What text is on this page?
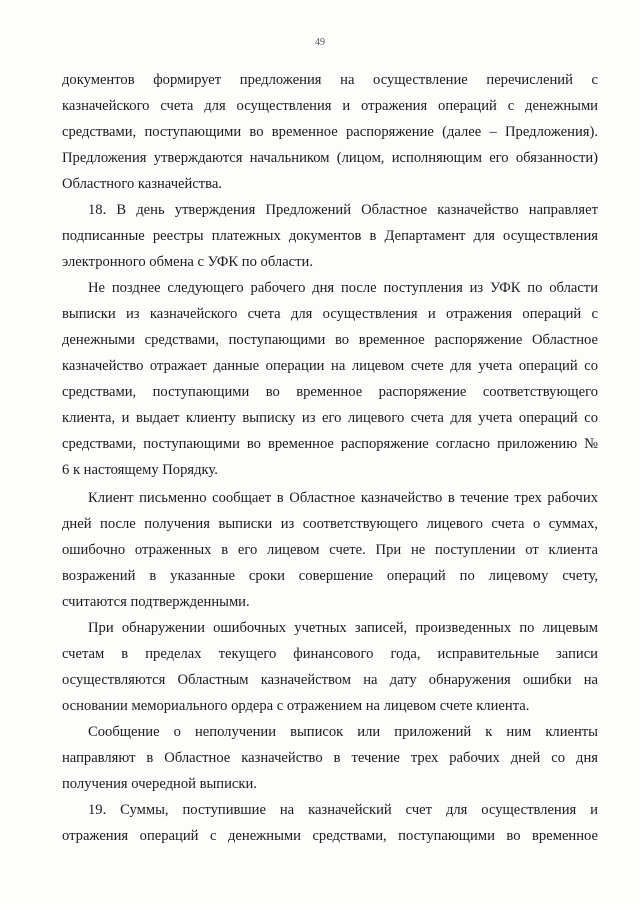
49
документов формирует предложения на осуществление перечислений с
казначейского счета для осуществления и отражения операций с денежными
средствами, поступающими во временное распоряжение (далее – Предложения).
Предложения утверждаются начальником (лицом, исполняющим его обязанности)
Областного казначейства.
18. В день утверждения Предложений Областное казначейство направляет
подписанные реестры платежных документов в Департамент для осуществления
электронного обмена с УФК по области.
Не позднее следующего рабочего дня после поступления из УФК по области
выписки из казначейского счета для осуществления и отражения операций с
денежными средствами, поступающими во временное распоряжение Областное
казначейство отражает данные операции на лицевом счете для учета операций со
средствами, поступающими во временное распоряжение соответствующего
клиента, и выдает клиенту выписку из его лицевого счета для учета операций со
средствами, поступающими во временное распоряжение согласно приложению №
6 к настоящему Порядку.
Клиент письменно сообщает в Областное казначейство в течение трех рабочих
дней после получения выписки из соответствующего лицевого счета о суммах,
ошибочно отраженных в его лицевом счете. При не поступлении от клиента
возражений в указанные сроки совершение операций по лицевому счету,
считаются подтвержденными.
При обнаружении ошибочных учетных записей, произведенных по лицевым
счетам в пределах текущего финансового года, исправительные записи
осуществляются Областным казначейством на дату обнаружения ошибки на
основании мемориального ордера с отражением на лицевом счете клиента.
Сообщение о неполучении выписок или приложений к ним клиенты
направляют в Областное казначейство в течение трех рабочих дней со дня
получения очередной выписки.
19. Суммы, поступившие на казначейский счет для осуществления и
отражения операций с денежными средствами, поступающими во временное
